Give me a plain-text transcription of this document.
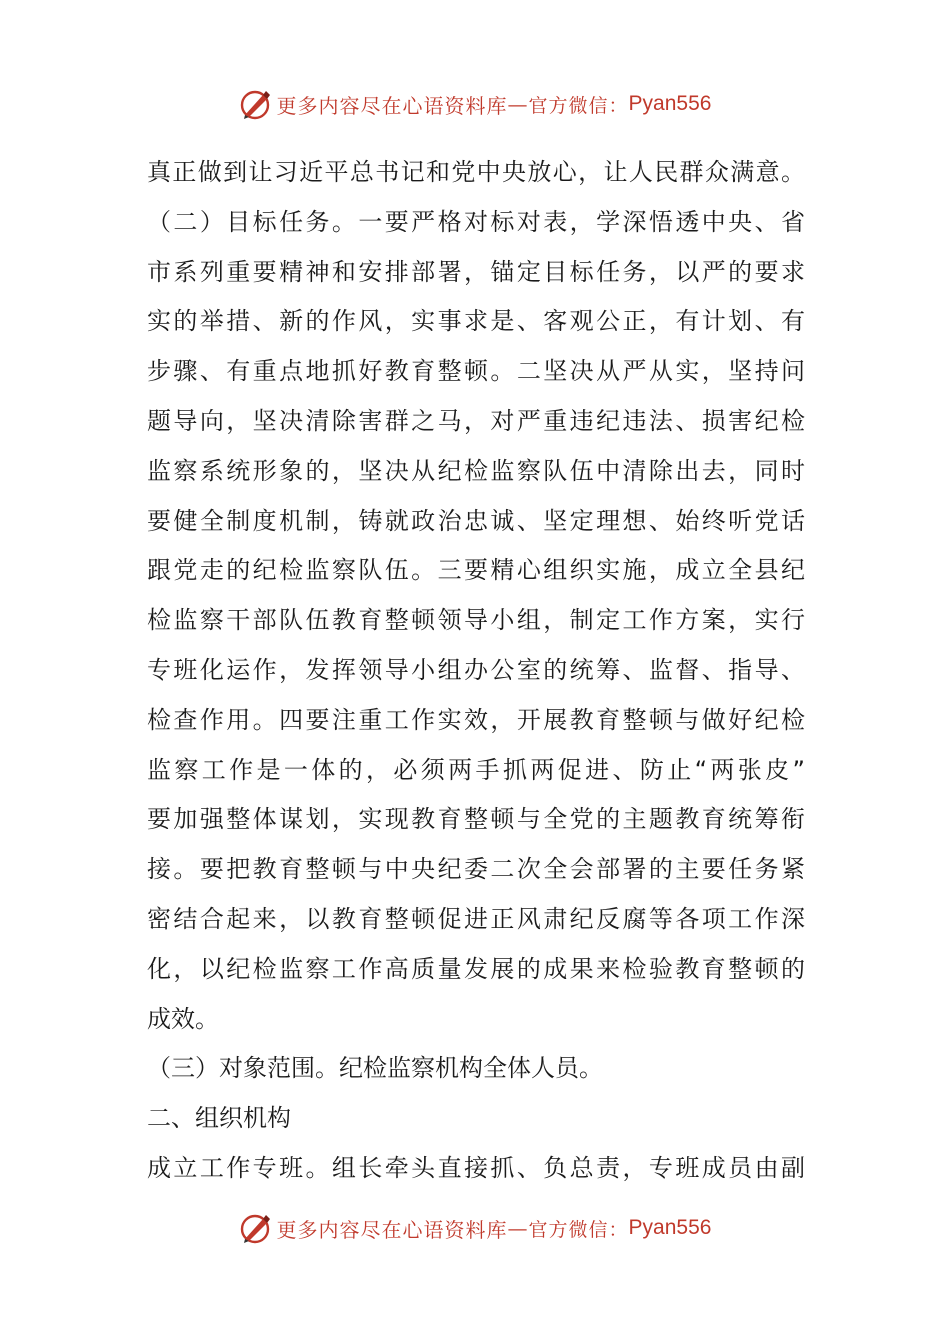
更多内容尽在心语资料库 — 官方微信： Pyan556
真正做到让习近平总书记和党中央放心，让人民群众满意。
（二）目标任务。一要严格对标对表，学深悟透中央、省
市系列重要精神和安排部署，锚定目标任务，以严的要求
实的举措、新的作风，实事求是、客观公正，有计划、有
步骤、有重点地抓好教育整顿。二坚决从严从实，坚持问
题导向，坚决清除害群之马，对严重违纪违法、损害纪检
监察系统形象的，坚决从纪检监察队伍中清除出去，同时
要健全制度机制，铸就政治忠诚、坚定理想、始终听党话
跟党走的纪检监察队伍。三要精心组织实施，成立全县纪
检监察干部队伍教育整顿领导小组，制定工作方案，实行
专班化运作，发挥领导小组办公室的统筹、监督、指导、
检查作用。四要注重工作实效，开展教育整顿与做好纪检
监察工作是一体的，必须两手抓两促进、防止“两张皮”
要加强整体谋划，实现教育整顿与全党的主题教育统筹衔
接。要把教育整顿与中央纪委二次全会部署的主要任务紧
密结合起来，以教育整顿促进正风肃纪反腐等各项工作深
化，以纪检监察工作高质量发展的成果来检验教育整顿的
成效。
（三）对象范围。纪检监察机构全体人员。
二、组织机构
成立工作专班。组长牵头直接抓、负总责，专班成员由副
更多内容尽在心语资料库 — 官方微信： Pyan556
